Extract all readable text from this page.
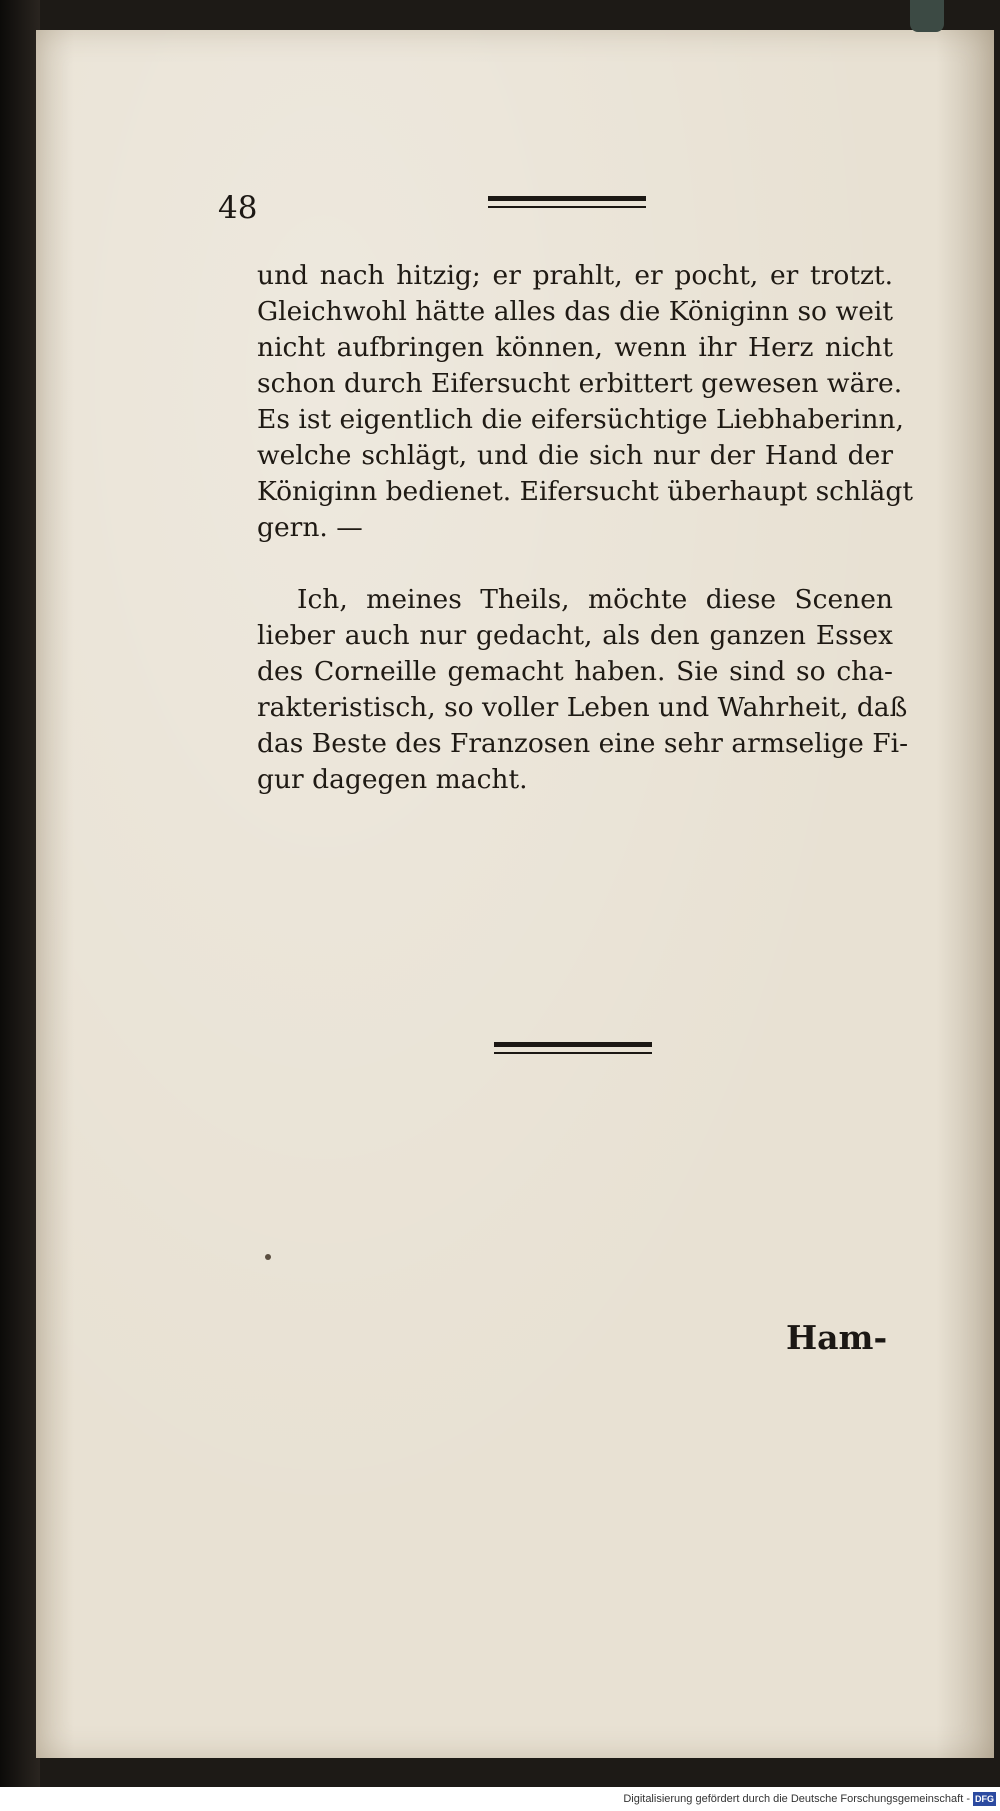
48
und nach hitzig; er prahlt, er pocht, er trotzt.
Gleichwohl hätte alles das die Königinn so weit
nicht aufbringen können, wenn ihr Herz nicht
schon durch Eifersucht erbittert gewesen wäre.
Es ist eigentlich die eifersüchtige Liebhaberinn,
welche schlägt, und die sich nur der Hand der
Königinn bedienet. Eifersucht überhaupt schlägt
gern. —
Ich, meines Theils, möchte diese Scenen
lieber auch nur gedacht, als den ganzen Essex
des Corneille gemacht haben. Sie sind so cha-
rakteristisch, so voller Leben und Wahrheit, daß
das Beste des Franzosen eine sehr armselige Fi-
gur dagegen macht.
Ham-
Digitalisierung gefördert durch die Deutsche Forschungsgemeinschaft - DFG
